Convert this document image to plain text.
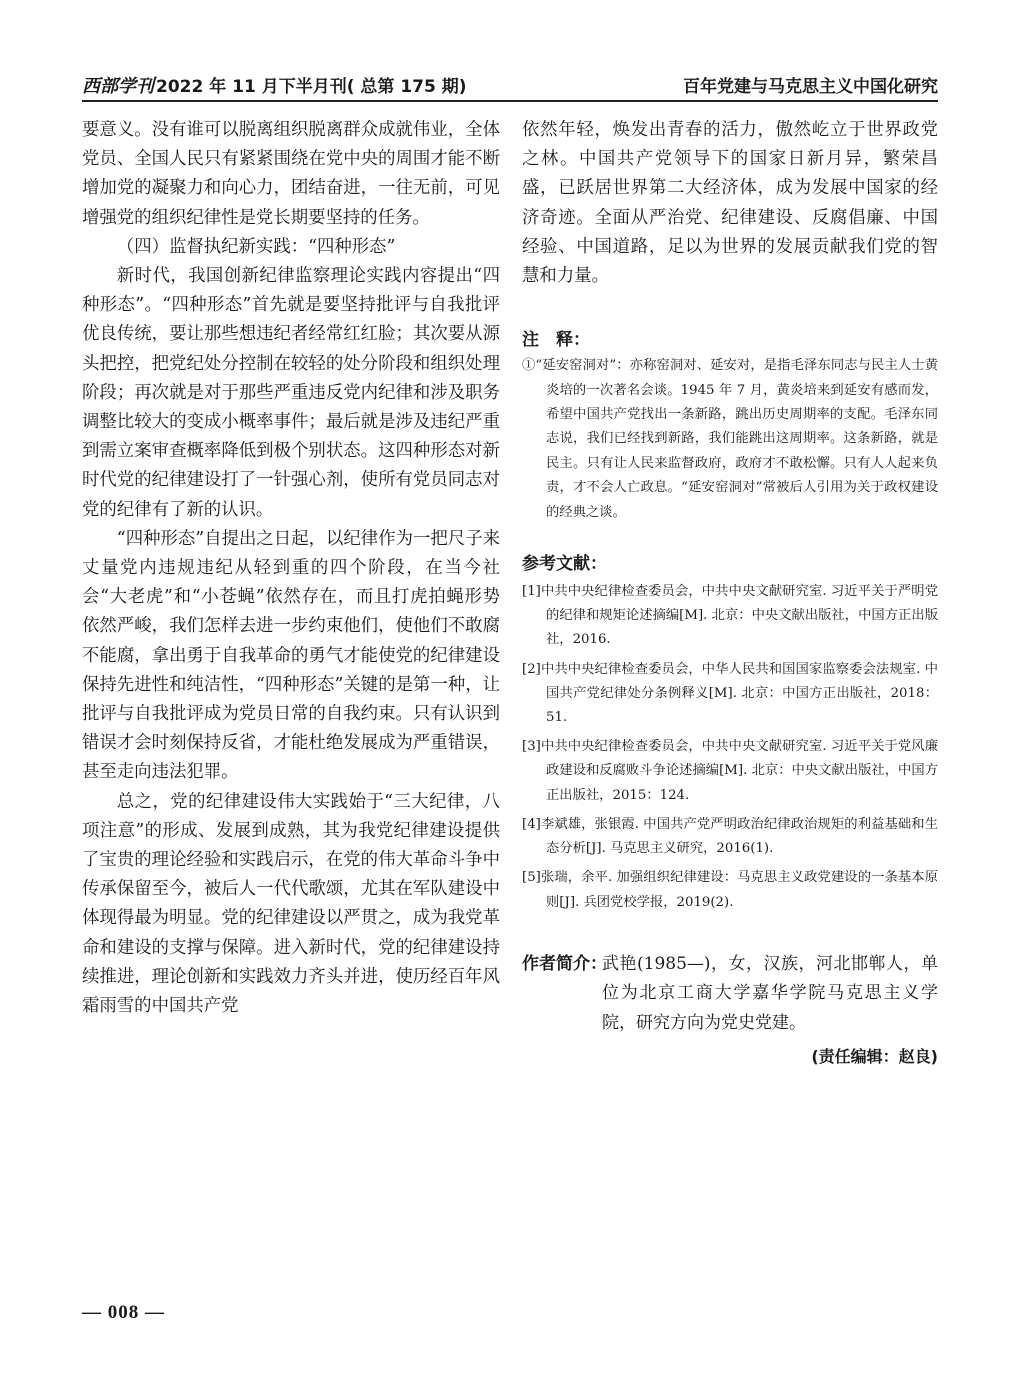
西部学刊 2022 年 11 月下半月刊( 总第 175 期)	百年党建与马克思主义中国化研究

要意义。没有谁可以脱离组织脱离群众成就伟业，全体党员、全国人民只有紧紧围绕在党中央的周围才能不断增加党的凝聚力和向心力，团结奋进，一往无前，可见增强党的组织纪律性是党长期要坚持的任务。

（四）监督执纪新实践：“四种形态”

新时代，我国创新纪律监察理论实践内容提出“四种形态”。“四种形态”首先就是要坚持批评与自我批评优良传统，要让那些想违纪者经常红红脸；其次要从源头把控，把党纪处分控制在较轻的处分阶段和组织处理阶段；再次就是对于那些严重违反党内纪律和涉及职务调整比较大的变成小概率事件；最后就是涉及违纪严重到需立案审查概率降低到极个别状态。这四种形态对新时代党的纪律建设打了一针强心剂，使所有党员同志对党的纪律有了新的认识。

“四种形态”自提出之日起，以纪律作为一把尺子来丈量党内违规违纪从轻到重的四个阶段，在当今社会“大老虎”和“小苍蝇”依然存在，而且打虎拍蝇形势依然严峻，我们怎样去进一步约束他们，使他们不敢腐不能腐，拿出勇于自我革命的勇气才能使党的纪律建设保持先进性和纯洁性，“四种形态”关键的是第一种，让批评与自我批评成为党员日常的自我约束。只有认识到错误才会时刻保持反省，才能杜绝发展成为严重错误，甚至走向违法犯罪。

总之，党的纪律建设伟大实践始于“三大纪律，八项注意”的形成、发展到成熟，其为我党纪律建设提供了宝贵的理论经验和实践启示，在党的伟大革命斗争中传承保留至今，被后人一代代歌颂，尤其在军队建设中体现得最为明显。党的纪律建设以严贯之，成为我党革命和建设的支撑与保障。进入新时代，党的纪律建设持续推进，理论创新和实践效力齐头并进，使历经百年风霜雨雪的中国共产党

依然年轻，焕发出青春的活力，傲然屹立于世界政党之林。中国共产党领导下的国家日新月异，繁荣昌盛，已跃居世界第二大经济体，成为发展中国家的经济奇迹。全面从严治党、纪律建设、反腐倡廉、中国经验、中国道路，足以为世界的发展贡献我们党的智慧和力量。

注　释：

①“延安窑洞对”：亦称窑洞对、延安对，是指毛泽东同志与民主人士黄炎培的一次著名会谈。1945 年 7 月，黄炎培来到延安有感而发，希望中国共产党找出一条新路，跳出历史周期率的支配。毛泽东同志说，我们已经找到新路，我们能跳出这周期率。这条新路，就是民主。只有让人民来监督政府，政府才不敢松懈。只有人人起来负责，才不会人亡政息。“延安窑洞对”常被后人引用为关于政权建设的经典之谈。

参考文献：

[1]中共中央纪律检查委员会，中共中央文献研究室. 习近平关于严明党的纪律和规矩论述摘编[M]. 北京：中央文献出版社，中国方正出版社，2016.
[2]中共中央纪律检查委员会，中华人民共和国国家监察委会法规室. 中国共产党纪律处分条例释义[M]. 北京：中国方正出版社，2018：51.
[3]中共中央纪律检查委员会，中共中央文献研究室. 习近平关于党风廉政建设和反腐败斗争论述摘编[M]. 北京：中央文献出版社，中国方正出版社，2015：124.
[4]李斌雄，张银霞. 中国共产党严明政治纪律政治规矩的利益基础和生态分析[J]. 马克思主义研究，2016(1).
[5]张瑞，余平. 加强组织纪律建设：马克思主义政党建设的一条基本原则[J]. 兵团党校学报，2019(2).
作者简介：

武艳(1985—)，女，汉族，河北邯郸人，单位为北京工商大学嘉华学院马克思主义学院，研究方向为党史党建。

(责任编辑：赵良)
— 008 —
